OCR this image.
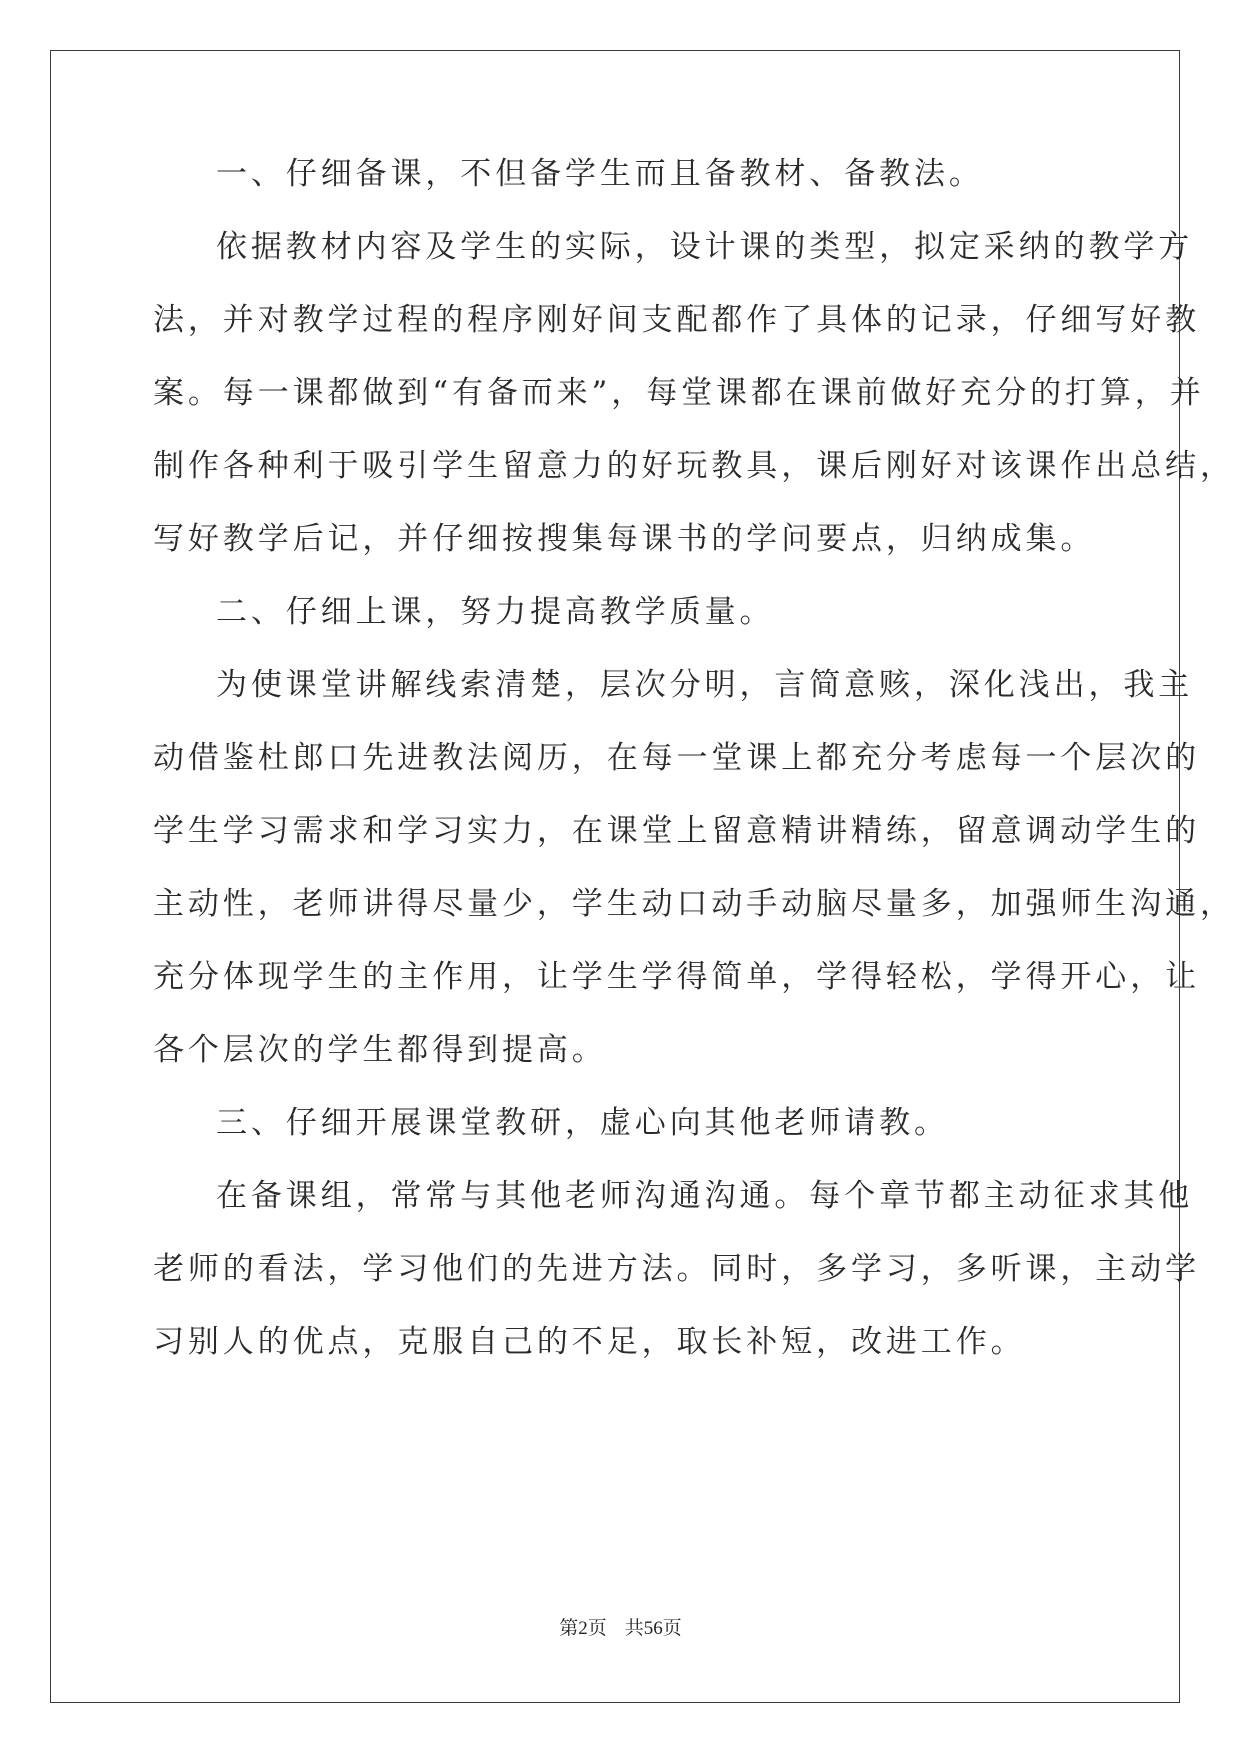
一、仔细备课，不但备学生而且备教材、备教法。
依据教材内容及学生的实际，设计课的类型，拟定采纳的教学方
法，并对教学过程的程序刚好间支配都作了具体的记录，仔细写好教
案。每一课都做到“有备而来”，每堂课都在课前做好充分的打算，并
制作各种利于吸引学生留意力的好玩教具，课后刚好对该课作出总结，
写好教学后记，并仔细按搜集每课书的学问要点，归纳成集。
二、仔细上课，努力提高教学质量。
为使课堂讲解线索清楚，层次分明，言简意赅，深化浅出，我主
动借鉴杜郎口先进教法阅历，在每一堂课上都充分考虑每一个层次的
学生学习需求和学习实力，在课堂上留意精讲精练，留意调动学生的
主动性，老师讲得尽量少，学生动口动手动脑尽量多，加强师生沟通，
充分体现学生的主作用，让学生学得简单，学得轻松，学得开心，让
各个层次的学生都得到提高。
三、仔细开展课堂教研，虚心向其他老师请教。
在备课组，常常与其他老师沟通沟通。每个章节都主动征求其他
老师的看法，学习他们的先进方法。同时，多学习，多听课，主动学
习别人的优点，克服自己的不足，取长补短，改进工作。
第2页 共56页
